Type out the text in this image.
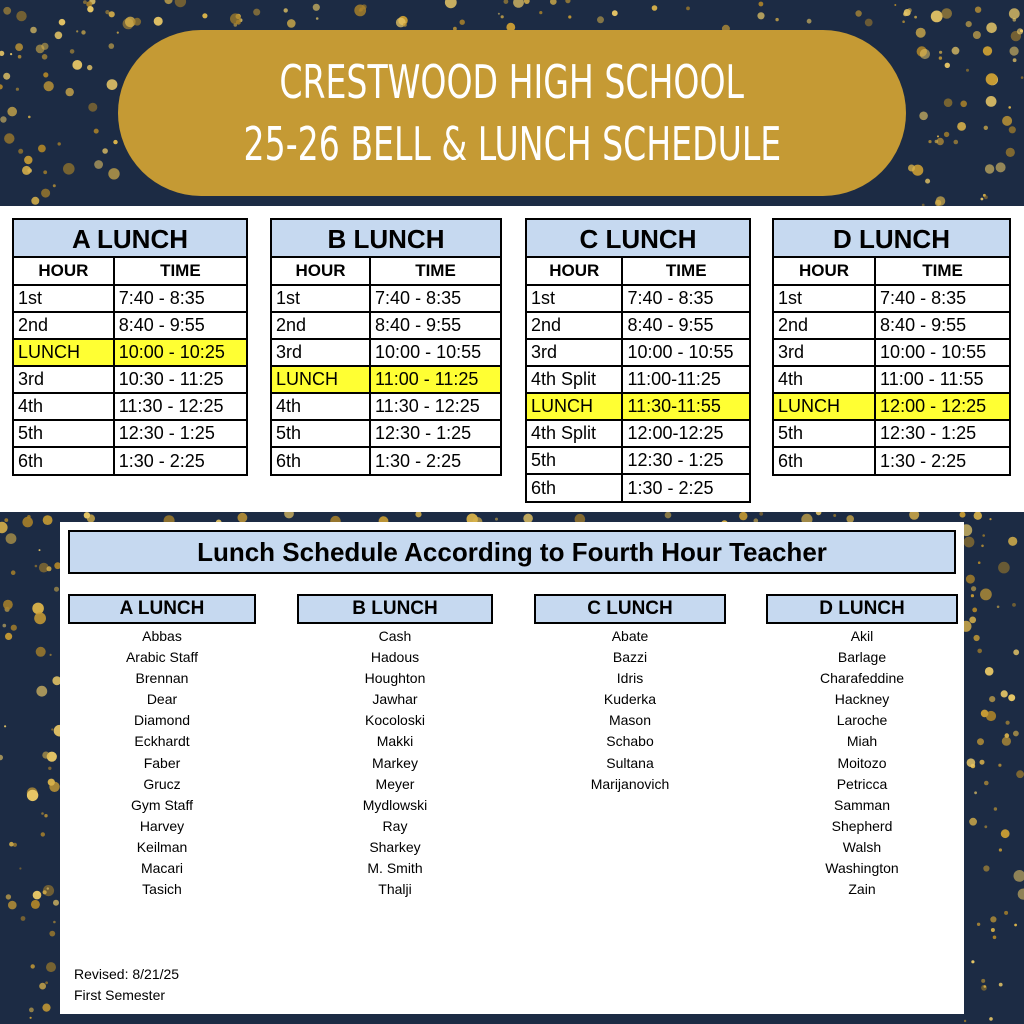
CRESTWOOD HIGH SCHOOL
25-26 BELL & LUNCH SCHEDULE
A LUNCH
HOUR	TIME
1st	7:40 - 8:35
2nd	8:40 - 9:55
LUNCH	10:00 - 10:25
3rd	10:30 - 11:25
4th	11:30 - 12:25
5th	12:30 - 1:25
6th	1:30 - 2:25
B LUNCH
HOUR	TIME
1st	7:40 - 8:35
2nd	8:40 - 9:55
3rd	10:00 - 10:55
LUNCH	11:00 - 11:25
4th	11:30 - 12:25
5th	12:30 - 1:25
6th	1:30 - 2:25
C LUNCH
HOUR	TIME
1st	7:40 - 8:35
2nd	8:40 - 9:55
3rd	10:00 - 10:55
4th Split	11:00-11:25
LUNCH	11:30-11:55
4th Split	12:00-12:25
5th	12:30 - 1:25
6th	1:30 - 2:25
D LUNCH
HOUR	TIME
1st	7:40 - 8:35
2nd	8:40 - 9:55
3rd	10:00 - 10:55
4th	11:00 - 11:55
LUNCH	12:00 - 12:25
5th	12:30 - 1:25
6th	1:30 - 2:25
Lunch Schedule According to Fourth Hour Teacher
A LUNCH
Abbas
Arabic Staff
Brennan
Dear
Diamond
Eckhardt
Faber
Grucz
Gym Staff
Harvey
Keilman
Macari
Tasich
B LUNCH
Cash
Hadous
Houghton
Jawhar
Kocoloski
Makki
Markey
Meyer
Mydlowski
Ray
Sharkey
M. Smith
Thalji
C LUNCH
Abate
Bazzi
Idris
Kuderka
Mason
Schabo
Sultana
Marijanovich
D LUNCH
Akil
Barlage
Charafeddine
Hackney
Laroche
Miah
Moitozo
Petricca
Samman
Shepherd
Walsh
Washington
Zain
Revised: 8/21/25
First Semester
